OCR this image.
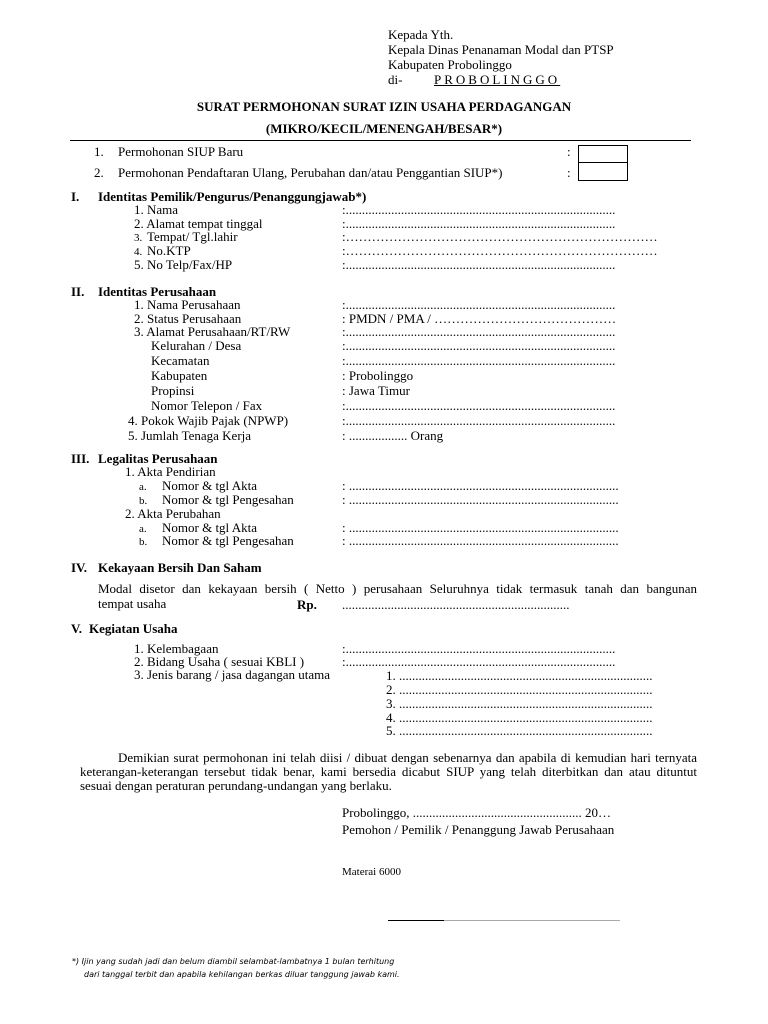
Kepada Yth.
Kepala Dinas Penanaman Modal dan PTSP
Kabupaten Probolinggo
di- PROBOLINGGO
SURAT PERMOHONAN SURAT IZIN USAHA PERDAGANGAN
(MIKRO/KECIL/MENENGAH/BESAR*)
1. Permohonan SIUP Baru	:
2. Permohonan Pendaftaran Ulang, Perubahan dan/atau Penggantian SIUP*)	:
I. Identitas Pemilik/Pengurus/Penanggungjawab*)
1. Nama	:...................................................................................
2. Alamat tempat tinggal	:...................................................................................
3. Tempat/ Tgl.lahir	:………………………………………………………………
4. No.KTP	:………………………………………………………………
5. No Telp/Fax/HP	:...................................................................................
II. Identitas Perusahaan
1. Nama Perusahaan	:...................................................................................
2. Status Perusahaan	: PMDN / PMA / ……………………………………
3. Alamat Perusahaan/RT/RW	:...................................................................................
Kelurahan / Desa	:...................................................................................
Kecamatan	:...................................................................................
Kabupaten	: Probolinggo
Propinsi	: Jawa Timur
Nomor Telepon / Fax	:...................................................................................
4. Pokok Wajib Pajak (NPWP)	:...................................................................................
5. Jumlah Tenaga Kerja	: .................. Orang
III. Legalitas Perusahaan
1. Akta Pendirian
a. Nomor & tgl Akta	: ...................................................................................
b. Nomor & tgl Pengesahan	: ...................................................................................
2. Akta Perubahan
a. Nomor & tgl Akta	: ...................................................................................
b. Nomor & tgl Pengesahan	: ...................................................................................
IV. Kekayaan Bersih Dan Saham
Modal disetor dan kekayaan bersih ( Netto ) perusahaan Seluruhnya tidak termasuk tanah dan bangunan
tempat usaha	Rp. ......................................................................
V. Kegiatan Usaha
1. Kelembagaan	:...................................................................................
2. Bidang Usaha ( sesuai KBLI )	:...................................................................................
3. Jenis barang / jasa dagangan utama	1. ..............................................................................
2. ..............................................................................
3. ..............................................................................
4. ..............................................................................
5. ..............................................................................
Demikian surat permohonan ini telah diisi / dibuat dengan sebenarnya dan apabila di kemudian hari ternyata keterangan-keterangan tersebut tidak benar, kami bersedia dicabut SIUP yang telah diterbitkan dan atau dituntut sesuai dengan peraturan perundang-undangan yang berlaku.
Probolinggo, .................................................... 20…
Pemohon / Pemilik / Penanggung Jawab Perusahaan
Materai 6000
*) Ijin yang sudah jadi dan belum diambil selambat-lambatnya 1 bulan terhitung
dari tanggal terbit dan apabila kehilangan berkas diluar tanggung jawab kami.
